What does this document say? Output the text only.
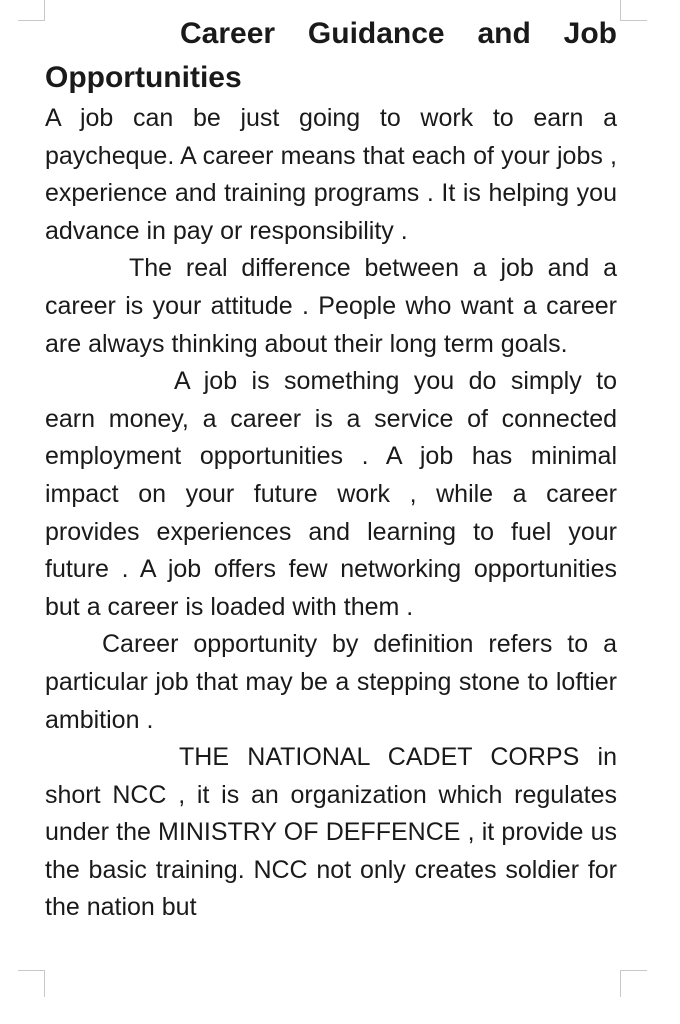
Career Guidance and Job Opportunities

A job can be just going to work to earn a paycheque. A career means that each of your jobs , experience and training programs . It is helping you advance in pay or responsibility .

The real difference between a job and a career is your attitude . People who want a career are always thinking about their long term goals.

A job is something you do simply to earn money, a career is a service of connected employment opportunities . A job has minimal impact on your future work , while a career provides experiences and learning to fuel your future . A job offers few networking opportunities but a career is loaded with them .

Career opportunity by definition refers to a particular job that may be a stepping stone to loftier ambition .

THE NATIONAL CADET CORPS in short NCC , it is an organization which regulates under the MINISTRY OF DEFFENCE , it provide us the basic training. NCC not only creates soldier for the nation but
